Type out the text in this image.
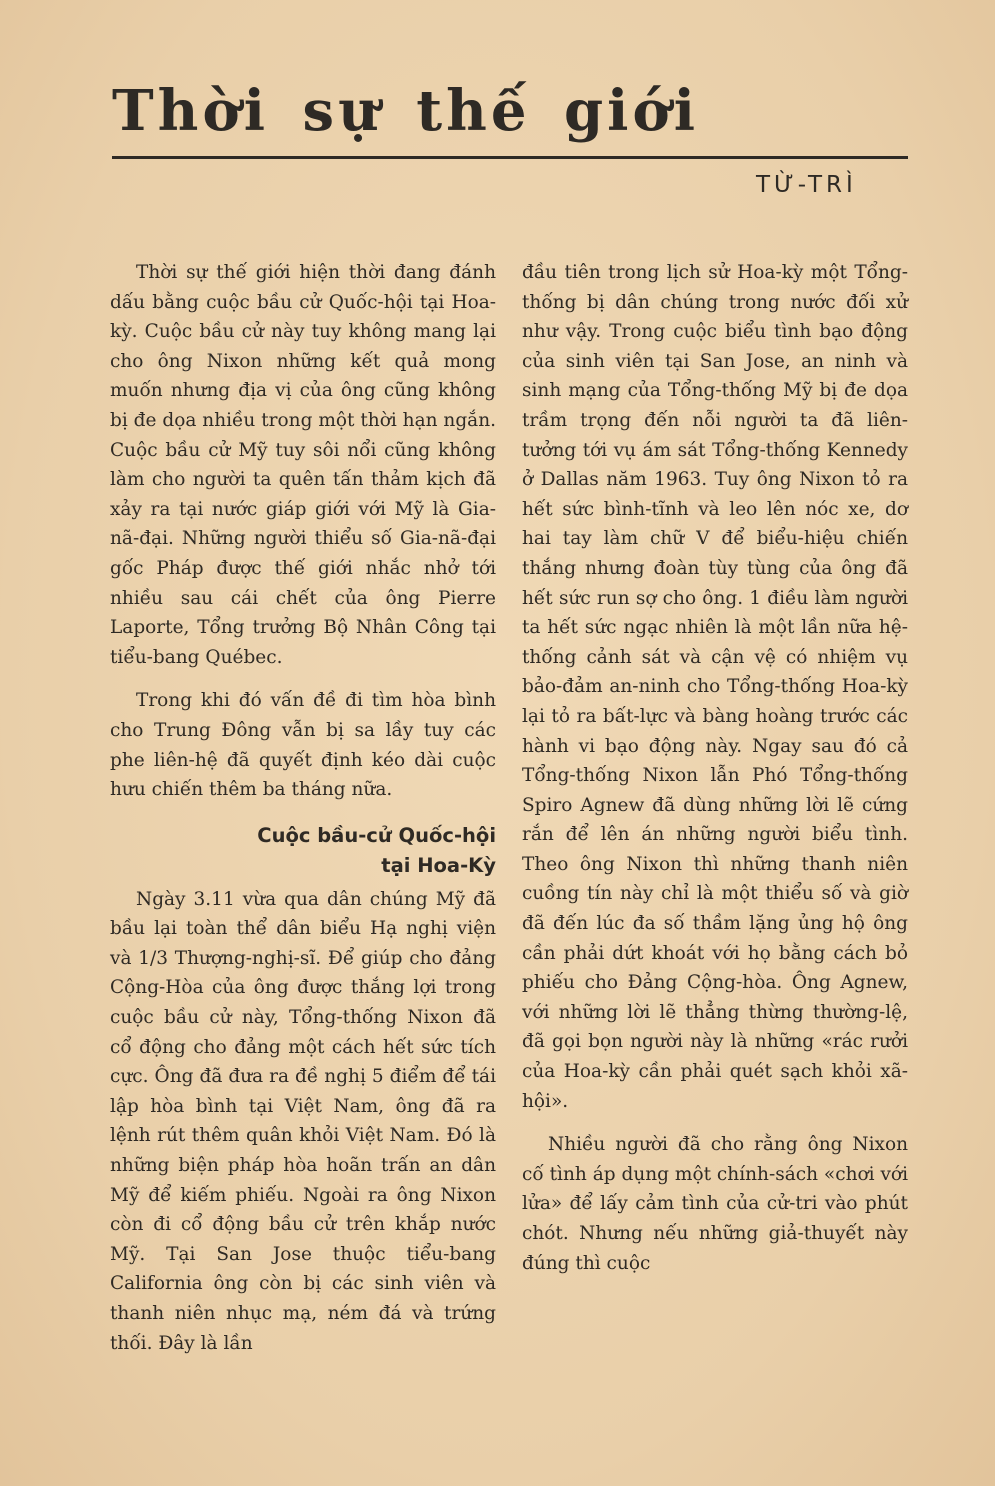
Thời sự thế giới
TỪ-TRÌ

Thời sự thế giới hiện thời đang đánh dấu bằng cuộc bầu cử Quốc-hội tại Hoa-kỳ. Cuộc bầu cử này tuy không mang lại cho ông Nixon những kết quả mong muốn nhưng địa vị của ông cũng không bị đe dọa nhiều trong một thời hạn ngắn. Cuộc bầu cử Mỹ tuy sôi nổi cũng không làm cho người ta quên tấn thảm kịch đã xảy ra tại nước giáp giới với Mỹ là Gia-nã-đại. Những người thiểu số Gia-nã-đại gốc Pháp được thế giới nhắc nhở tới nhiều sau cái chết của ông Pierre Laporte, Tổng trưởng Bộ Nhân Công tại tiểu-bang Québec.

Trong khi đó vấn đề đi tìm hòa bình cho Trung Đông vẫn bị sa lầy tuy các phe liên-hệ đã quyết định kéo dài cuộc hưu chiến thêm ba tháng nữa.

Cuộc bầu-cử Quốc-hội
tại Hoa-Kỳ

Ngày 3.11 vừa qua dân chúng Mỹ đã bầu lại toàn thể dân biểu Hạ nghị viện và 1/3 Thượng-nghị-sĩ. Để giúp cho đảng Cộng-Hòa của ông được thắng lợi trong cuộc bầu cử này, Tổng-thống Nixon đã cổ động cho đảng một cách hết sức tích cực. Ông đã đưa ra đề nghị 5 điểm để tái lập hòa bình tại Việt Nam, ông đã ra lệnh rút thêm quân khỏi Việt Nam. Đó là những biện pháp hòa hoãn trấn an dân Mỹ để kiếm phiếu. Ngoài ra ông Nixon còn đi cổ động bầu cử trên khắp nước Mỹ. Tại San Jose thuộc tiểu-bang California ông còn bị các sinh viên và thanh niên nhục mạ, ném đá và trứng thối. Đây là lần

đầu tiên trong lịch sử Hoa-kỳ một Tổng-thống bị dân chúng trong nước đối xử như vậy. Trong cuộc biểu tình bạo động của sinh viên tại San Jose, an ninh và sinh mạng của Tổng-thống Mỹ bị đe dọa trầm trọng đến nỗi người ta đã liên-tưởng tới vụ ám sát Tổng-thống Kennedy ở Dallas năm 1963. Tuy ông Nixon tỏ ra hết sức bình-tĩnh và leo lên nóc xe, dơ hai tay làm chữ V để biểu-hiệu chiến thắng nhưng đoàn tùy tùng của ông đã hết sức run sợ cho ông. 1 điều làm người ta hết sức ngạc nhiên là một lần nữa hệ-thống cảnh sát và cận vệ có nhiệm vụ bảo-đảm an-ninh cho Tổng-thống Hoa-kỳ lại tỏ ra bất-lực và bàng hoàng trước các hành vi bạo động này. Ngay sau đó cả Tổng-thống Nixon lẫn Phó Tổng-thống Spiro Agnew đã dùng những lời lẽ cứng rắn để lên án những người biểu tình. Theo ông Nixon thì những thanh niên cuồng tín này chỉ là một thiểu số và giờ đã đến lúc đa số thầm lặng ủng hộ ông cần phải dứt khoát với họ bằng cách bỏ phiếu cho Đảng Cộng-hòa. Ông Agnew, với những lời lẽ thẳng thừng thường-lệ, đã gọi bọn người này là những «rác rưởi của Hoa-kỳ cần phải quét sạch khỏi xã-hội».

Nhiều người đã cho rằng ông Nixon cố tình áp dụng một chính-sách «chơi với lửa» để lấy cảm tình của cử-tri vào phút chót. Nhưng nếu những giả-thuyết này đúng thì cuộc
